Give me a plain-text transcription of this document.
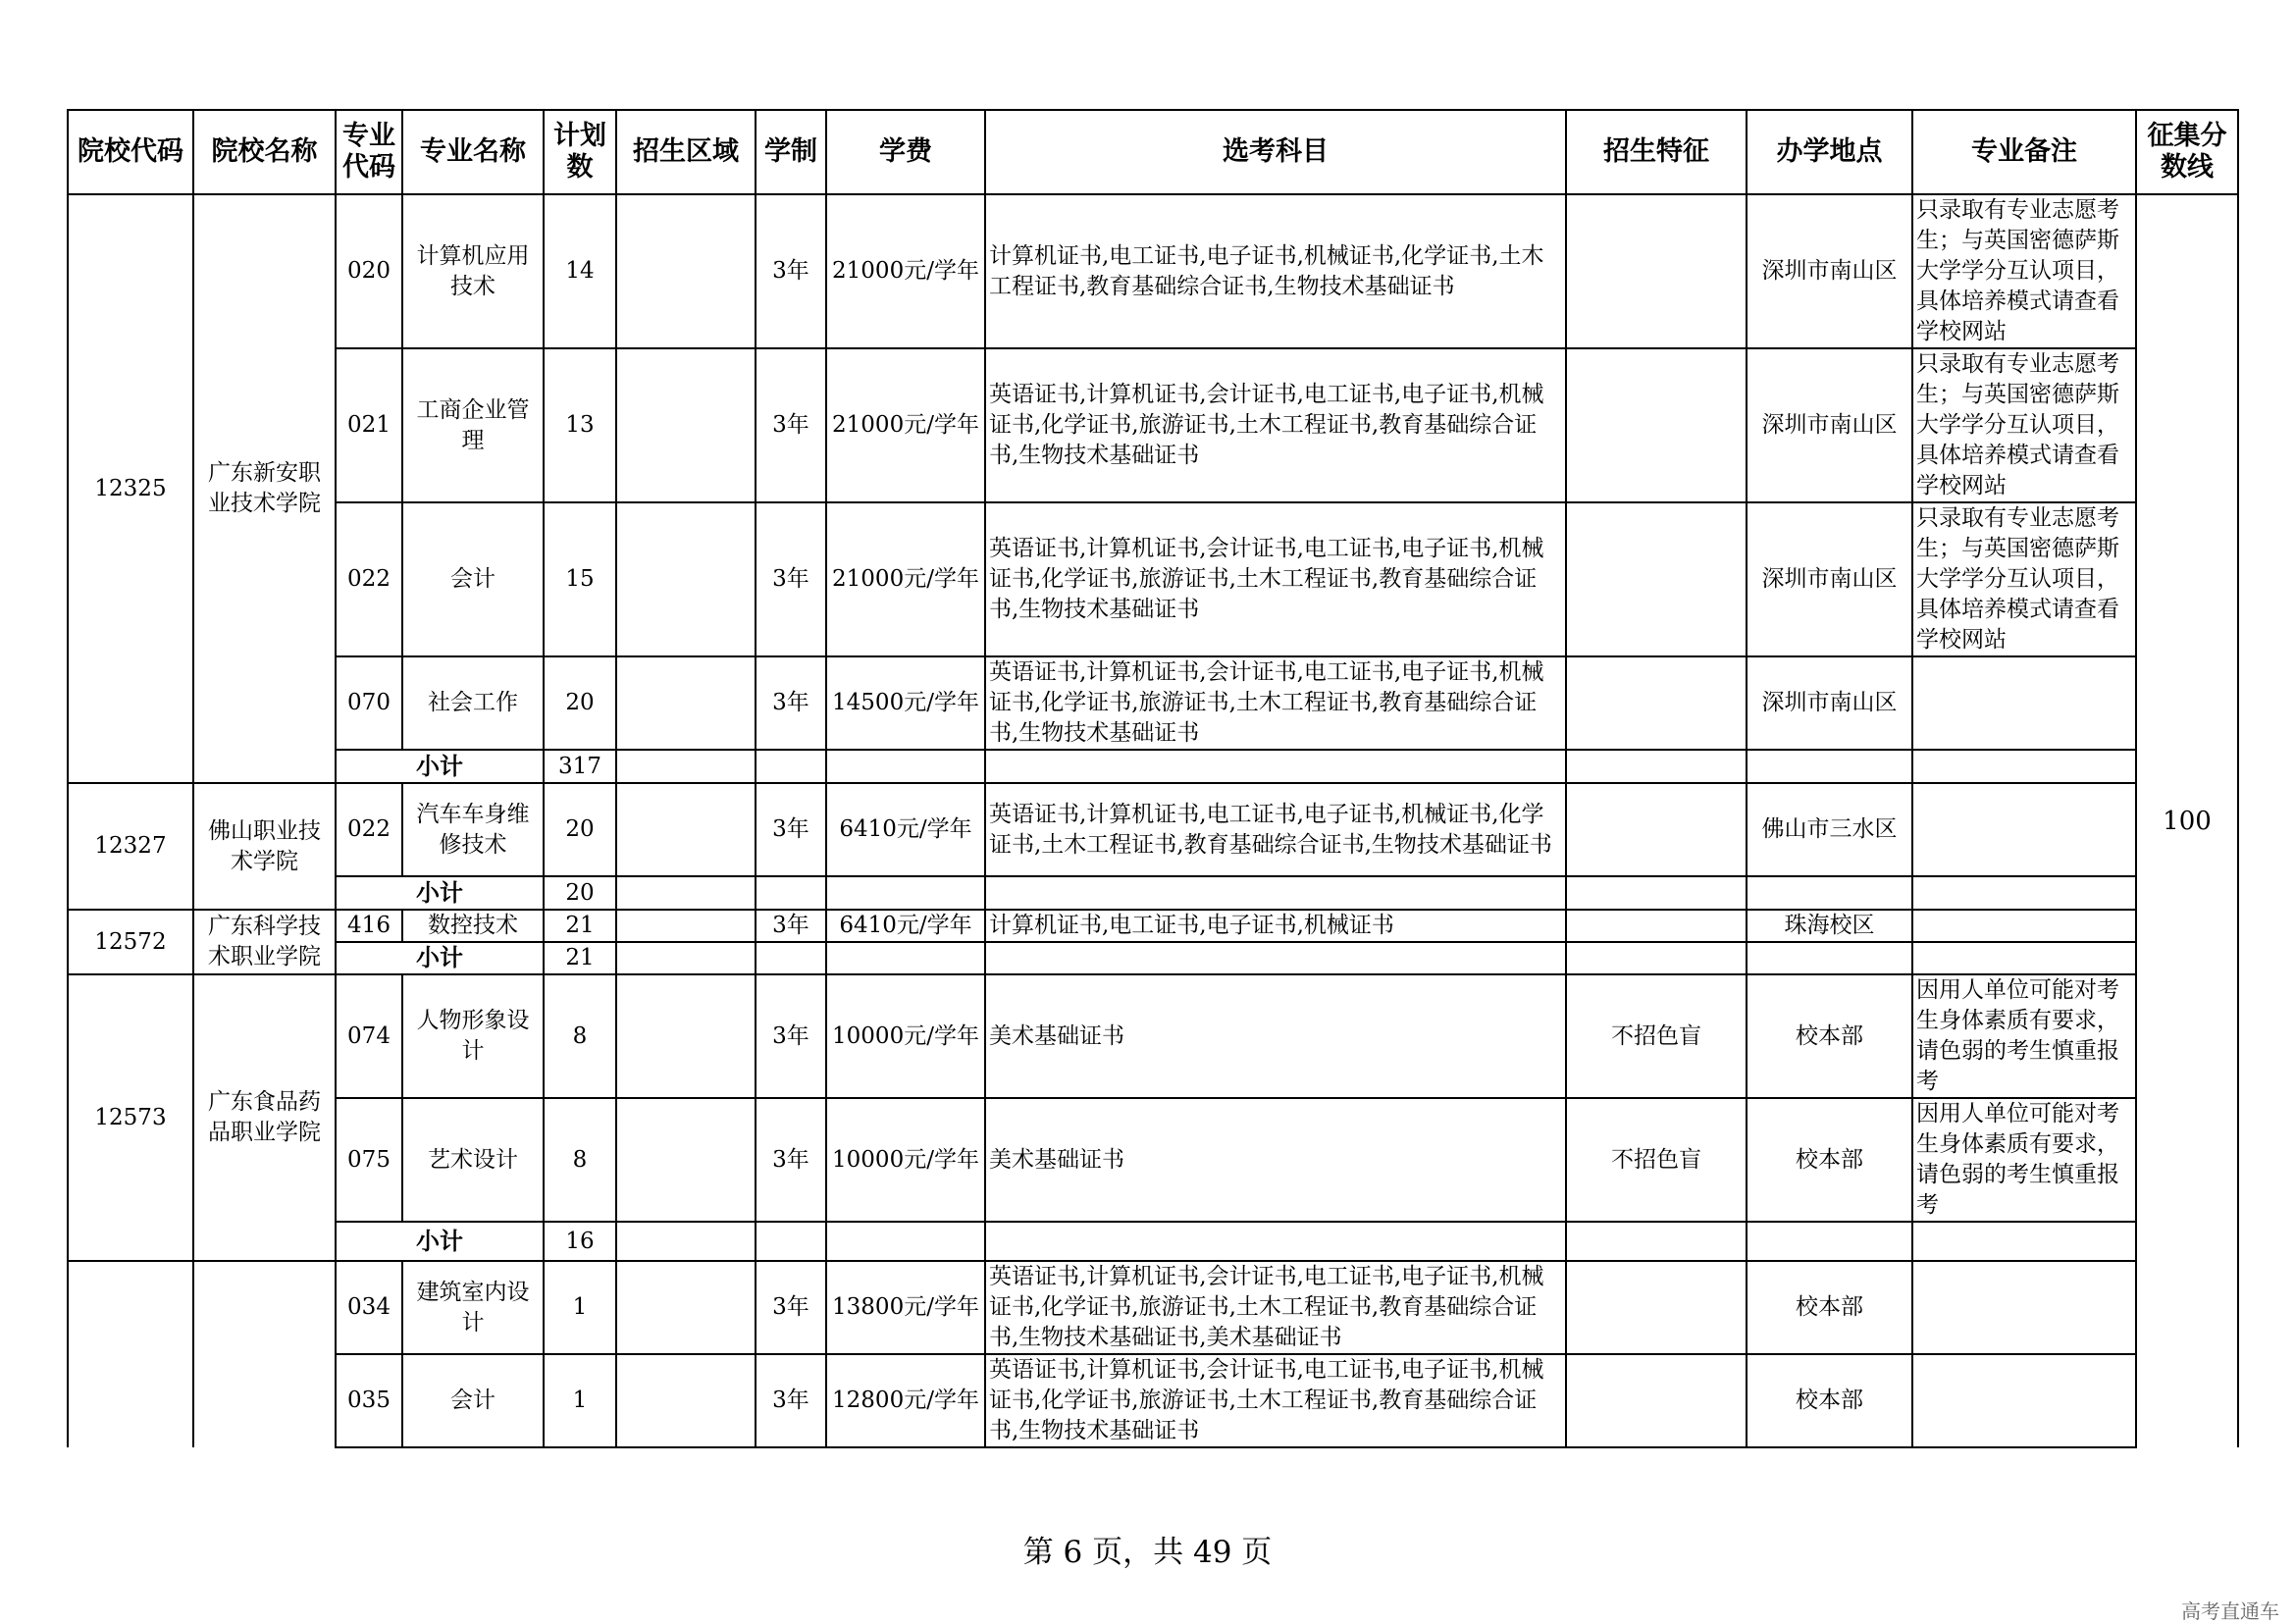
院校代码	院校名称	专业代码	专业名称	计划数	招生区域	学制	学费	选考科目	招生特征	办学地点	专业备注	征集分数线
12325	广东新安职业技术学院	020	计算机应用技术	14		3年	21000元/学年	计算机证书,电工证书,电子证书,机械证书,化学证书,土木工程证书,教育基础综合证书,生物技术基础证书		深圳市南山区	只录取有专业志愿考生；与英国密德萨斯大学学分互认项目，具体培养模式请查看学校网站	100
		021	工商企业管理	13		3年	21000元/学年	英语证书,计算机证书,会计证书,电工证书,电子证书,机械证书,化学证书,旅游证书,土木工程证书,教育基础综合证书,生物技术基础证书		深圳市南山区	只录取有专业志愿考生；与英国密德萨斯大学学分互认项目，具体培养模式请查看学校网站	
		022	会计	15		3年	21000元/学年	英语证书,计算机证书,会计证书,电工证书,电子证书,机械证书,化学证书,旅游证书,土木工程证书,教育基础综合证书,生物技术基础证书		深圳市南山区	只录取有专业志愿考生；与英国密德萨斯大学学分互认项目，具体培养模式请查看学校网站	
		070	社会工作	20		3年	14500元/学年	英语证书,计算机证书,会计证书,电工证书,电子证书,机械证书,化学证书,旅游证书,土木工程证书,教育基础综合证书,生物技术基础证书		深圳市南山区		
		小计		317								
12327	佛山职业技术学院	022	汽车车身维修技术	20		3年	6410元/学年	英语证书,计算机证书,电工证书,电子证书,机械证书,化学证书,土木工程证书,教育基础综合证书,生物技术基础证书		佛山市三水区		
		小计		20								
12572	广东科学技术职业学院	416	数控技术	21		3年	6410元/学年	计算机证书,电工证书,电子证书,机械证书		珠海校区		
		小计		21								
12573	广东食品药品职业学院	074	人物形象设计	8		3年	10000元/学年	美术基础证书	不招色盲	校本部	因用人单位可能对考生身体素质有要求，请色弱的考生慎重报考	
		075	艺术设计	8		3年	10000元/学年	美术基础证书	不招色盲	校本部	因用人单位可能对考生身体素质有要求，请色弱的考生慎重报考	
		小计		16								
		034	建筑室内设计	1		3年	13800元/学年	英语证书,计算机证书,会计证书,电工证书,电子证书,机械证书,化学证书,旅游证书,土木工程证书,教育基础综合证书,生物技术基础证书,美术基础证书		校本部		
		035	会计	1		3年	12800元/学年	英语证书,计算机证书,会计证书,电工证书,电子证书,机械证书,化学证书,旅游证书,土木工程证书,教育基础综合证书,生物技术基础证书		校本部		
第 6 页，共 49 页
高考直通车
